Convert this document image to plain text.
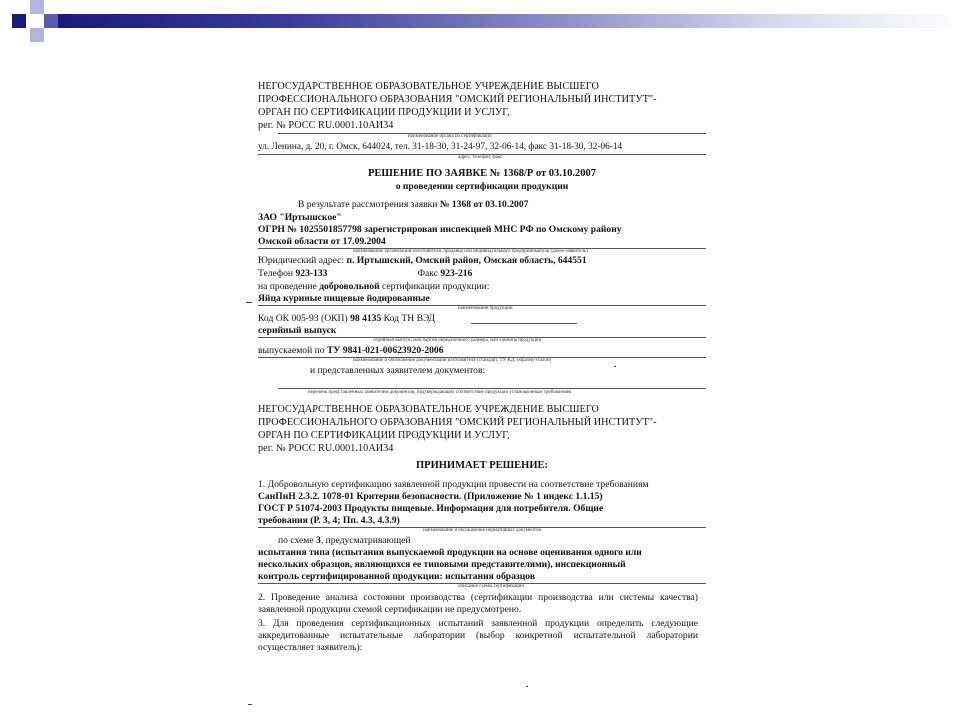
НЕГОСУДАРСТВЕННОЕ ОБРАЗОВАТЕЛЬНОЕ УЧРЕЖДЕНИЕ ВЫСШЕГО
ПРОФЕССИОНАЛЬНОГО ОБРАЗОВАНИЯ "ОМСКИЙ РЕГИОНАЛЬНЫЙ ИНСТИТУТ"-
ОРГАН ПО СЕРТИФИКАЦИИ ПРОДУКЦИИ И УСЛУГ,
рег. № РОСС RU.0001.10АИ34
наименование органа по сертификации
ул. Ленина, д. 20, г. Омск, 644024, тел. 31-18-30, 31-24-97, 32-06-14, факс 31-18-30, 32-06-14
адрес, телефон, факс
РЕШЕНИЕ ПО ЗАЯВКЕ № 1368/Р от 03.10.2007
о проведении сертификации продукции
В результате рассмотрения заявки № 1368 от 03.10.2007
ЗАО "Иртышское"
ОГРН № 1025501857798 зарегистрирован инспекцией МНС РФ по Омскому району
Омской области от 17.09.2004
наименование организации-изготовителя, продавца или индивидуального предпринимателя (далее-заявитель)
Юридический адрес: п. Иртышский, Омский район, Омская область, 644551
Телефон 923-133	Факс 923-216
на проведение добровольной сертификации продукции:
Яйца куриные пищевые йодированные
наименование продукции
Код ОК 005-93 (ОКП) 98 4135 Код ТН ВЭД
серийный выпуск
серийный выпуск, или партия определенного размера, или единица продукции
выпускаемой по ТУ 9841-021-00623920-2006
наименование и обозначение документации изготовителя (стандарт, ТУ, КД, образец-эталон)
и представленных заявителем документов:
перечень представленных заявителем документов, подтверждающих соответствие продукции установленным требованиям
НЕГОСУДАРСТВЕННОЕ ОБРАЗОВАТЕЛЬНОЕ УЧРЕЖДЕНИЕ ВЫСШЕГО
ПРОФЕССИОНАЛЬНОГО ОБРАЗОВАНИЯ "ОМСКИЙ РЕГИОНАЛЬНЫЙ ИНСТИТУТ"-
ОРГАН ПО СЕРТИФИКАЦИИ ПРОДУКЦИИ И УСЛУГ,
рег. № РОСС RU.0001.10АИ34
ПРИНИМАЕТ РЕШЕНИЕ:
1. Добровольную сертификацию заявленной продукции провести на соответствие требованиям
СанПиН 2.3.2. 1078-01 Критерии безопасности. (Приложение № 1 индекс 1.1.15)
ГОСТ Р 51074-2003 Продукты пищевые. Информация для потребителя. Общие
требования (Р. 3, 4; Пп. 4.3, 4.3.9)
наименование и обозначение нормативных документов
по схеме 3, предусматривающей
испытания типа (испытания выпускаемой продукции на основе оценивания одного или
нескольких образцов, являющихся ее типовыми представителями), инспекционный
контроль сертифицированной продукции: испытания образцов
описание схемы сертификации
2. Проведение анализа состояния производства (сертификации производства или системы качества) заявленной продукции схемой сертификации не предусмотрено.
3. Для проведения сертификационных испытаний заявленной продукции определить следующие аккредитованные испытательные лаборатории (выбор конкретной испытательной лаборатории осуществляет заявитель):
